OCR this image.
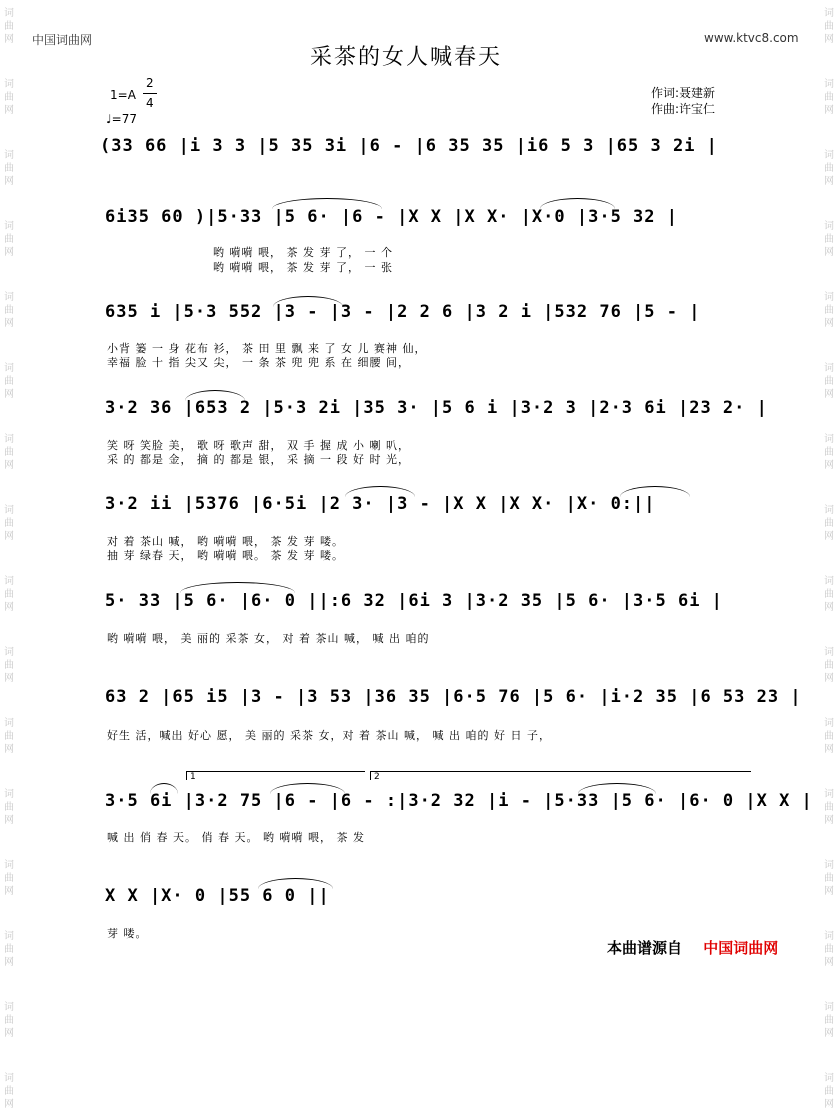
词
曲
网
词
曲
网
词
曲
网
词
曲
网
词
曲
网
词
曲
网
词
曲
网
词
曲
网
词
曲
网
词
曲
网
词
曲
网
词
曲
网
词
曲
网
词
曲
网
词
曲
网
词
曲
网
词
曲
网
词
曲
网
词
曲
网
词
曲
网
词
曲
网
词
曲
网
词
曲
网
词
曲
网
词
曲
网
词
曲
网
词
曲
网
词
曲
网
词
曲
网
词
曲
网
词
曲
网
词
曲
网
中国词曲网	www.ktvc8.com
采茶的女人喊春天
1=A
2
4
♩=77
作词:聂建新
作曲:许宝仁
(33 66 |i 3 3 |5 35 3i |6 - |6 35 35 |i6 5 3 |65 3 2i |
6i35 60 )|5·33 |5 6· |6 - |X X |X X· |X·0 |3·5 32 |
哟 嗬嗬 喂， 茶 发 芽 了， 一 个
哟 嗬嗬 喂， 茶 发 芽 了， 一 张
635 i |5·3 552 |3 - |3 - |2 2 6 |3 2 i |532 76 |5 - |
小背 篓 一 身 花布 衫， 茶 田 里 飘 来 了 女 儿 赛神 仙，
幸福 脸 十 指 尖又 尖， 一 条 茶 兜 兜 系 在 细腰 间，
3·2 36 |653 2 |5·3 2i |35 3· |5 6 i |3·2 3 |2·3 6i |23 2· |
笑 呀 笑脸 美， 歌 呀 歌声 甜， 双 手 握 成 小 喇 叭，
采 的 都是 金， 摘 的 都是 银， 采 摘 一 段 好 时 光，
3·2 ii |5376 |6·5i |2 3· |3 - |X X |X X· |X· 0:||
对 着 茶山 喊， 哟 嗬嗬 喂， 茶 发 芽 喽。
抽 芽 绿春 天， 哟 嗬嗬 喂。 茶 发 芽 喽。
5· 33 |5 6· |6· 0 ||:6 32 |6i 3 |3·2 35 |5 6· |3·5 6i |
哟 嗬嗬 喂， 美 丽的 采茶 女， 对 着 茶山 喊， 喊 出 咱的
63 2 |65 i5 |3 - |3 53 |36 35 |6·5 76 |5 6· |i·2 35 |6 53 23 |
好生 活，喊出 好心 愿， 美 丽的 采茶 女，对 着 茶山 喊， 喊 出 咱的 好 日 子，
1	2
3·5 6i |3·2 75 |6 - |6 - :|3·2 32 |i - |5·33 |5 6· |6· 0 |X X |
喊 出 俏 春 天。 俏 春 天。 哟 嗬嗬 喂， 茶 发
X X |X· 0 |55 6 0 ||
芽 喽。
本曲谱源自 中国词曲网
